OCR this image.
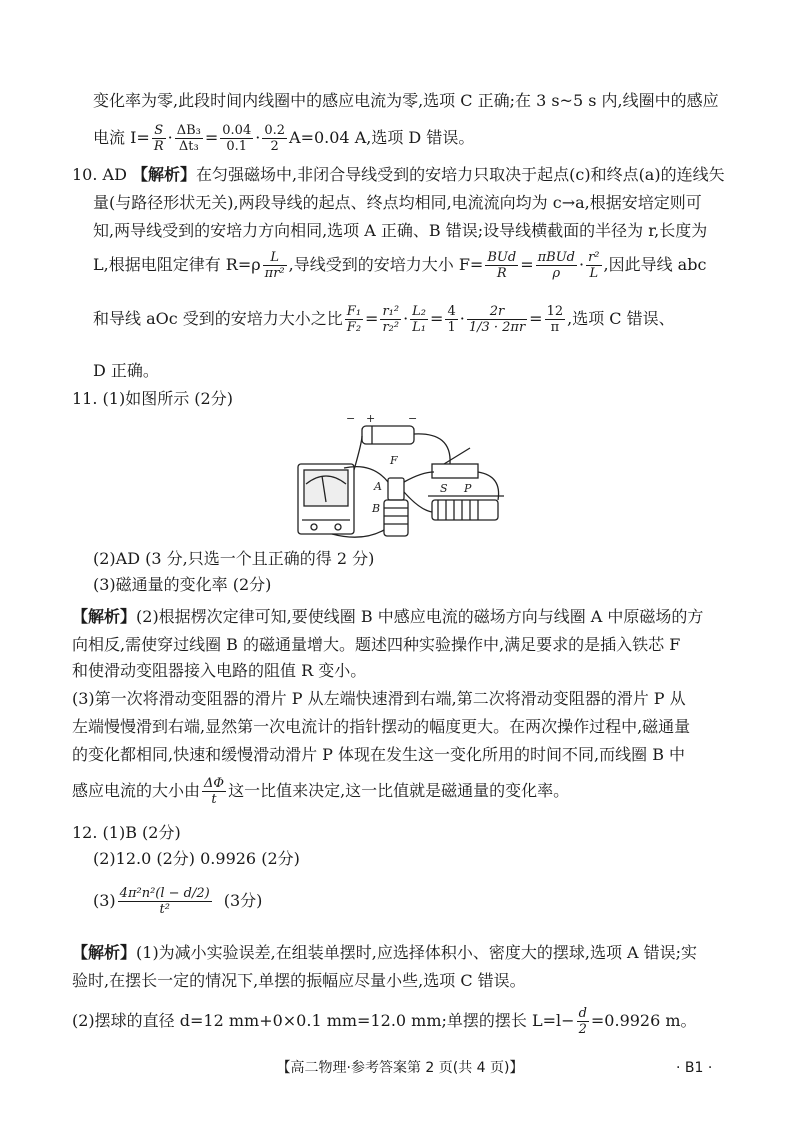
变化率为零,此段时间内线圈中的感应电流为零,选项 C 正确;在 3 s~5 s 内,线圈中的感应
电流 $I= \frac{S}{R} \cdot \frac{\text{ΔB₃}}{\text{Δt₃}} = \frac{0.04}{0.1} \cdot \frac{0.2}{2} A=0.04$ A,选项 D 错误。
10. AD 【解析】在匀强磁场中,非闭合导线受到的安培力只取决于起点(c)和终点(a)的连线矢
量(与路径形状无关),两段导线的起点、终点均相同,电流流向均为 c→a,根据安培定则可
知,两导线受到的安培力方向相同,选项 A 正确、B 错误;设导线横截面的半径为 r,长度为
L,根据电阻定律有 $R=\rho \frac{L}{\text{πr²}}$ ,导线受到的安培力大小 $F= \frac{\text{BUd}}{R} = \frac{\text{πBUd}}{\rho} \cdot \frac{\text{r²}}{L}$ ,因此导线 abc
和导线 aOc 受到的安培力大小之比 $\frac{\text{F₁}}{\text{F₂}} = \frac{\text{r₁²}}{\text{r₂²}} \cdot \frac{\text{L₂}}{\text{L₁}} = \frac{4}{1} \cdot \frac{2r}{1/3 \cdot 2\pi r} = \frac{12}{\pi}$ ,选项 C 错误、
D 正确。
11. (1)如图所示 (2分)
F
A
B
S P
+	−
−
(2)AD (3 分,只选一个且正确的得 2 分)
(3)磁通量的变化率 (2分)
【解析】(2)根据楞次定律可知,要使线圈 B 中感应电流的磁场方向与线圈 A 中原磁场的方
向相反,需使穿过线圈 B 的磁通量增大。题述四种实验操作中,满足要求的是插入铁芯 F
和使滑动变阻器接入电路的阻值 R 变小。
(3)第一次将滑动变阻器的滑片 P 从左端快速滑到右端,第二次将滑动变阻器的滑片 P 从
左端慢慢滑到右端,显然第一次电流计的指针摆动的幅度更大。在两次操作过程中,磁通量
的变化都相同,快速和缓慢滑动滑片 P 体现在发生这一变化所用的时间不同,而线圈 B 中
感应电流的大小由 $\frac{\Delta\Phi}{t}$ 这一比值来决定,这一比值就是磁通量的变化率。
12. (1)B (2分)
(2)12.0 (2分) 0.9926 (2分)
$(3) \frac{\text{4π²n²(l − d/2)}}{\text{t²}} (3$分)
【解析】(1)为减小实验误差,在组装单摆时,应选择体积小、密度大的摆球,选项 A 错误;实
验时,在摆长一定的情况下,单摆的振幅应尽量小些,选项 C 错误。
(2)摆球的直径 d=12 mm+0×0.1 mm=12.0 mm;单摆的摆长 $L=l- \frac{d}{2} =0.9926$ m。
【高二物理·参考答案第 2 页(共 4 页)】	· B1 ·
